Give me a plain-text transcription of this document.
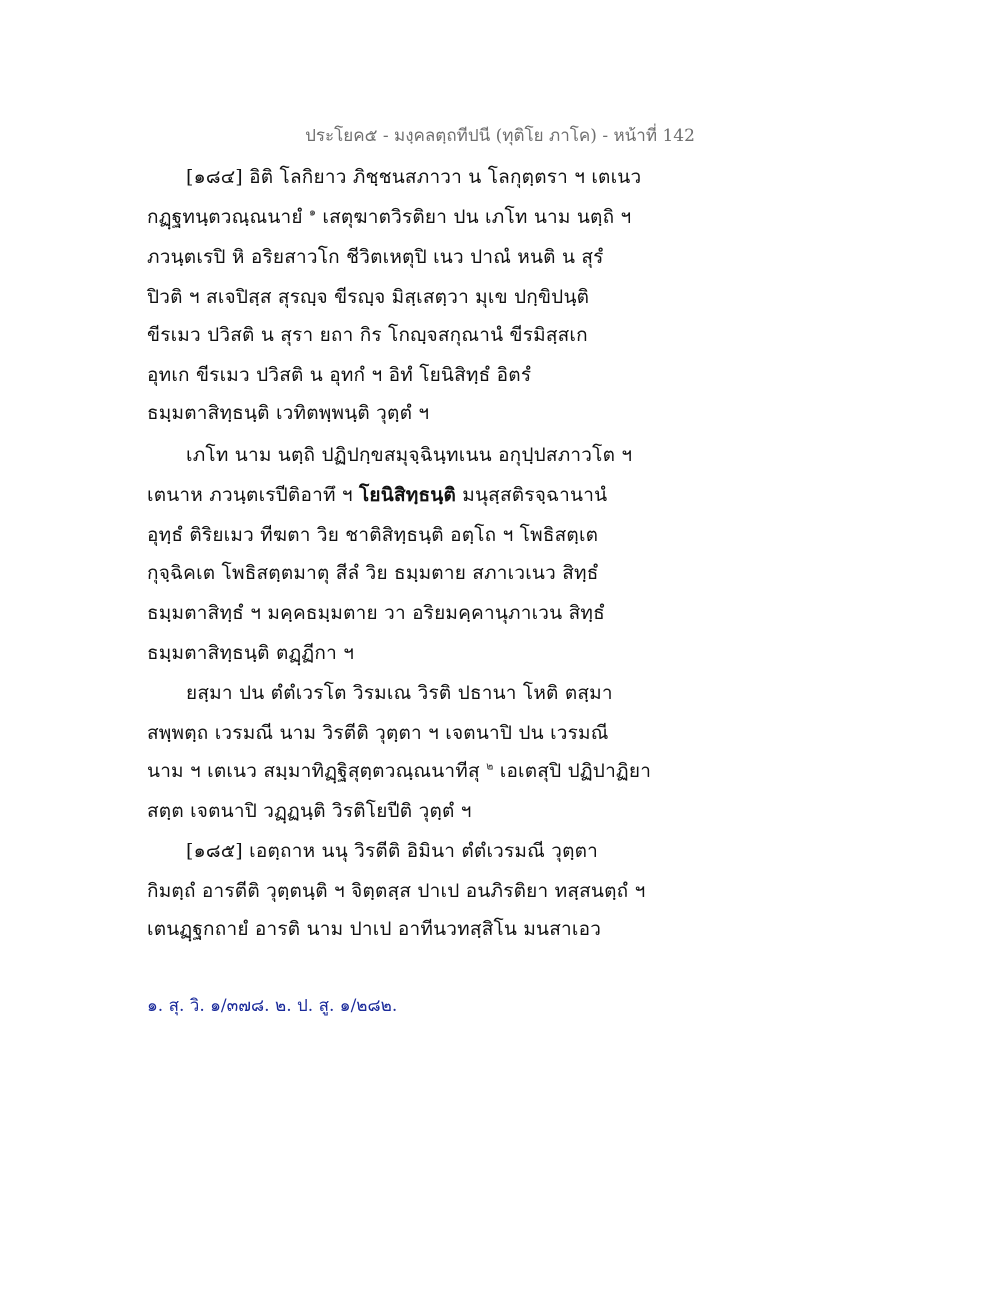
ประโยค๕ - มงฺคลตฺถทีปนี (ทุติโย ภาโค) - หน้าที่ 142
[๑๘๔] อิติ โลกิยาว ภิชฺชนสภาวา น โลกุตฺตรา ฯ เตเนว
กฏฺฐทนฺตวณฺณนายํ $^๑$ เสตุฆาตวิรติยา ปน เภโท นาม นตฺถิ ฯ
ภวนฺตเรปิ หิ อริยสาวโก ชีวิตเหตุปิ เนว ปาณํ หนติ น สุรํ
ปิวติ ฯ สเจปิสฺส สุรญฺจ ขีรญฺจ มิสฺเสตฺวา มุเข ปกฺขิปนฺติ
ขีรเมว ปวิสติ น สุรา ยถา กิร โกญฺจสกุณานํ ขีรมิสฺสเก
อุทเก ขีรเมว ปวิสติ น อุทกํ ฯ อิทํ โยนิสิทฺธํ อิตรํ
ธมฺมตาสิทฺธนฺติ เวทิตพฺพนฺติ วุตฺตํ ฯ
เภโท นาม นตฺถิ ปฏิปกฺขสมุจฺฉินฺทเนน อกุปฺปสภาวโต ฯ
เตนาห ภวนฺตเรปีติอาทึ ฯ โยนิสิทฺธนฺติ มนุสฺสติรจฺฉานานํ
อุทฺธํ ติริยเมว ทีฆตา วิย ชาติสิทฺธนฺติ อตฺโถ ฯ โพธิสตฺเต
กุจฺฉิคเต โพธิสตฺตมาตุ สีลํ วิย ธมฺมตาย สภาเวเนว สิทฺธํ
ธมฺมตาสิทฺธํ ฯ มคฺคธมฺมตาย วา อริยมคฺคานุภาเวน สิทฺธํ
ธมฺมตาสิทฺธนฺติ ตฏฺฏีกา ฯ
ยสฺมา ปน ตํตํเวรโต วิรมเณ วิรติ ปธานา โหติ ตสฺมา
สพฺพตฺถ เวรมณี นาม วิรตีติ วุตฺตา ฯ เจตนาปิ ปน เวรมณี
นาม ฯ เตเนว สมฺมาทิฏฺฐิสุตฺตวณฺณนาทีสุ $^๒$ เอเตสุปิ ปฏิปาฏิยา
สตฺต เจตนาปิ วฏฺฏนฺติ วิรติโยปีติ วุตฺตํ ฯ
[๑๘๕] เอตฺถาห นนุ วิรตีติ อิมินา ตํตํเวรมณี วุตฺตา
กิมตฺถํ อารตีติ วุตฺตนฺติ ฯ จิตฺตสฺส ปาเป อนภิรติยา ทสฺสนตฺถํ ฯ
เตนฏฺฐกถายํ อารติ นาม ปาเป อาทีนวทสฺสิโน มนสาเอว
๑. สุ. วิ. ๑/๓๗๘. ๒. ป. สู. ๑/๒๘๒.
